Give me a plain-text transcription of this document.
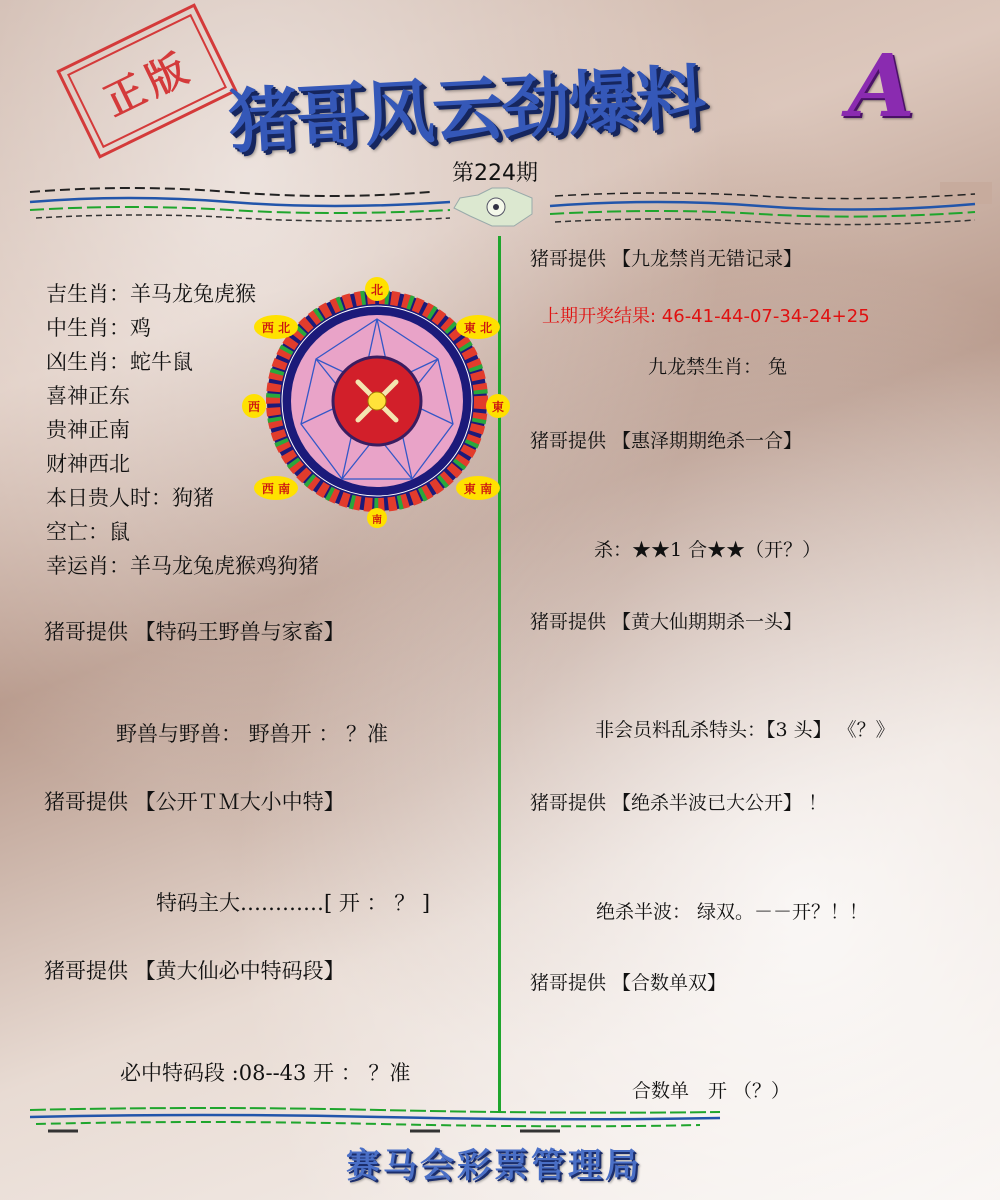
正版 猪哥风云劲爆料 A
第224期
吉生肖：羊马龙兔虎猴
中生肖：鸡
凶生肖：蛇牛鼠
喜神正东
贵神正南
财神西北
本日贵人时：狗猪
空亡：鼠
幸运肖：羊马龙兔虎猴鸡狗猪
北
西 北	東 北
西	東
西 南	東 南
南
猪哥提供 【特码王野兽与家畜】
野兽与野兽： 野兽开 ： ？准
猪哥提供 【公开ＴＭ大小中特】
特码主大…………[ 开 ： ？ ]
猪哥提供 【黄大仙必中特码段】
必中特码段 :08--43 开 ： ？准
猪哥提供 【九龙禁肖无错记录】
上期开奖结果: 46-41-44-07-34-24+25
九龙禁生肖： 兔
猪哥提供 【惠泽期期绝杀一合】
杀：★★1 合★★（开？）
猪哥提供 【黄大仙期期杀一头】
非会员料乱杀特头：【3 头】 《？》
猪哥提供 【绝杀半波已大公开】 ！
绝杀半波： 绿双。－－开？！！
猪哥提供 【合数单双】
合数单　开 （？）
赛马会彩票管理局
